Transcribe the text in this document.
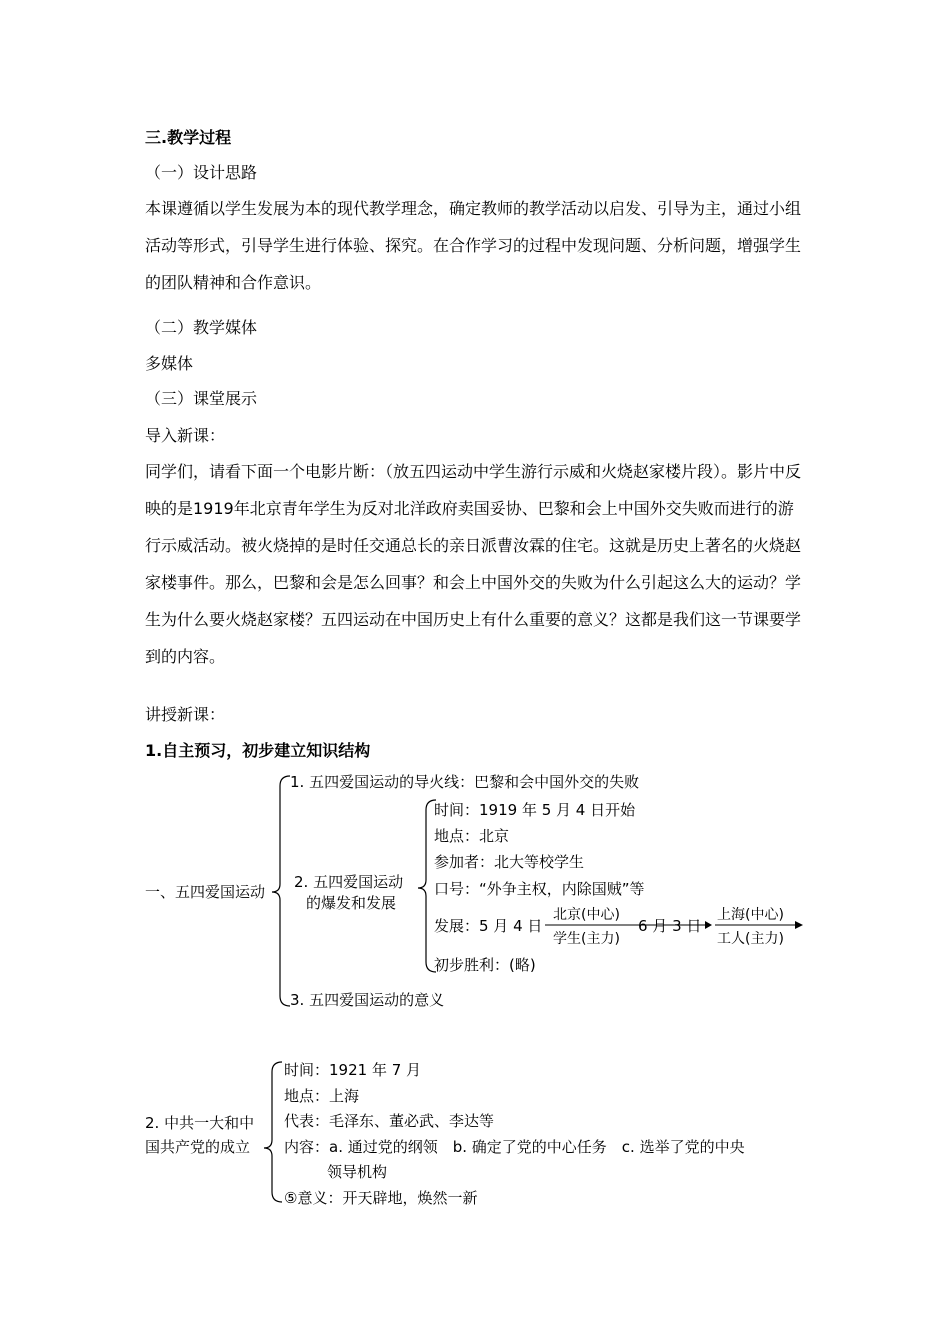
三.教学过程
（一）设计思路
本课遵循以学生发展为本的现代教学理念，确定教师的教学活动以启发、引导为主，通过小组活动等形式，引导学生进行体验、探究。在合作学习的过程中发现问题、分析问题，增强学生的团队精神和合作意识。
（二）教学媒体
多媒体
（三）课堂展示
导入新课：
同学们，请看下面一个电影片断：（放五四运动中学生游行示威和火烧赵家楼片段）。影片中反映的是1919年北京青年学生为反对北洋政府卖国妥协、巴黎和会上中国外交失败而进行的游行示威活动。被火烧掉的是时任交通总长的亲日派曹汝霖的住宅。这就是历史上著名的火烧赵家楼事件。那么，巴黎和会是怎么回事？和会上中国外交的失败为什么引起这么大的运动？学生为什么要火烧赵家楼？五四运动在中国历史上有什么重要的意义？这都是我们这一节课要学到的内容。
讲授新课：
1.自主预习，初步建立知识结构
一、五四爱国运动
1. 五四爱国运动的导火线：巴黎和会中国外交的失败
2. 五四爱国运动
的爆发和发展
时间：1919 年 5 月 4 日开始
地点：北京
参加者：北大等校学生
口号：“外争主权，内除国贼”等
发展：5 月 4 日
北京(中心)
学生(主力)
6 月 3 日
上海(中心)
工人(主力)
初步胜利：(略)
3. 五四爱国运动的意义
2. 中共一大和中
国共产党的成立
时间：1921 年 7 月
地点：上海
代表：毛泽东、董必武、李达等
内容：a. 通过党的纲领　b. 确定了党的中心任务　c. 选举了党的中央
领导机构
⑤意义：开天辟地，焕然一新
